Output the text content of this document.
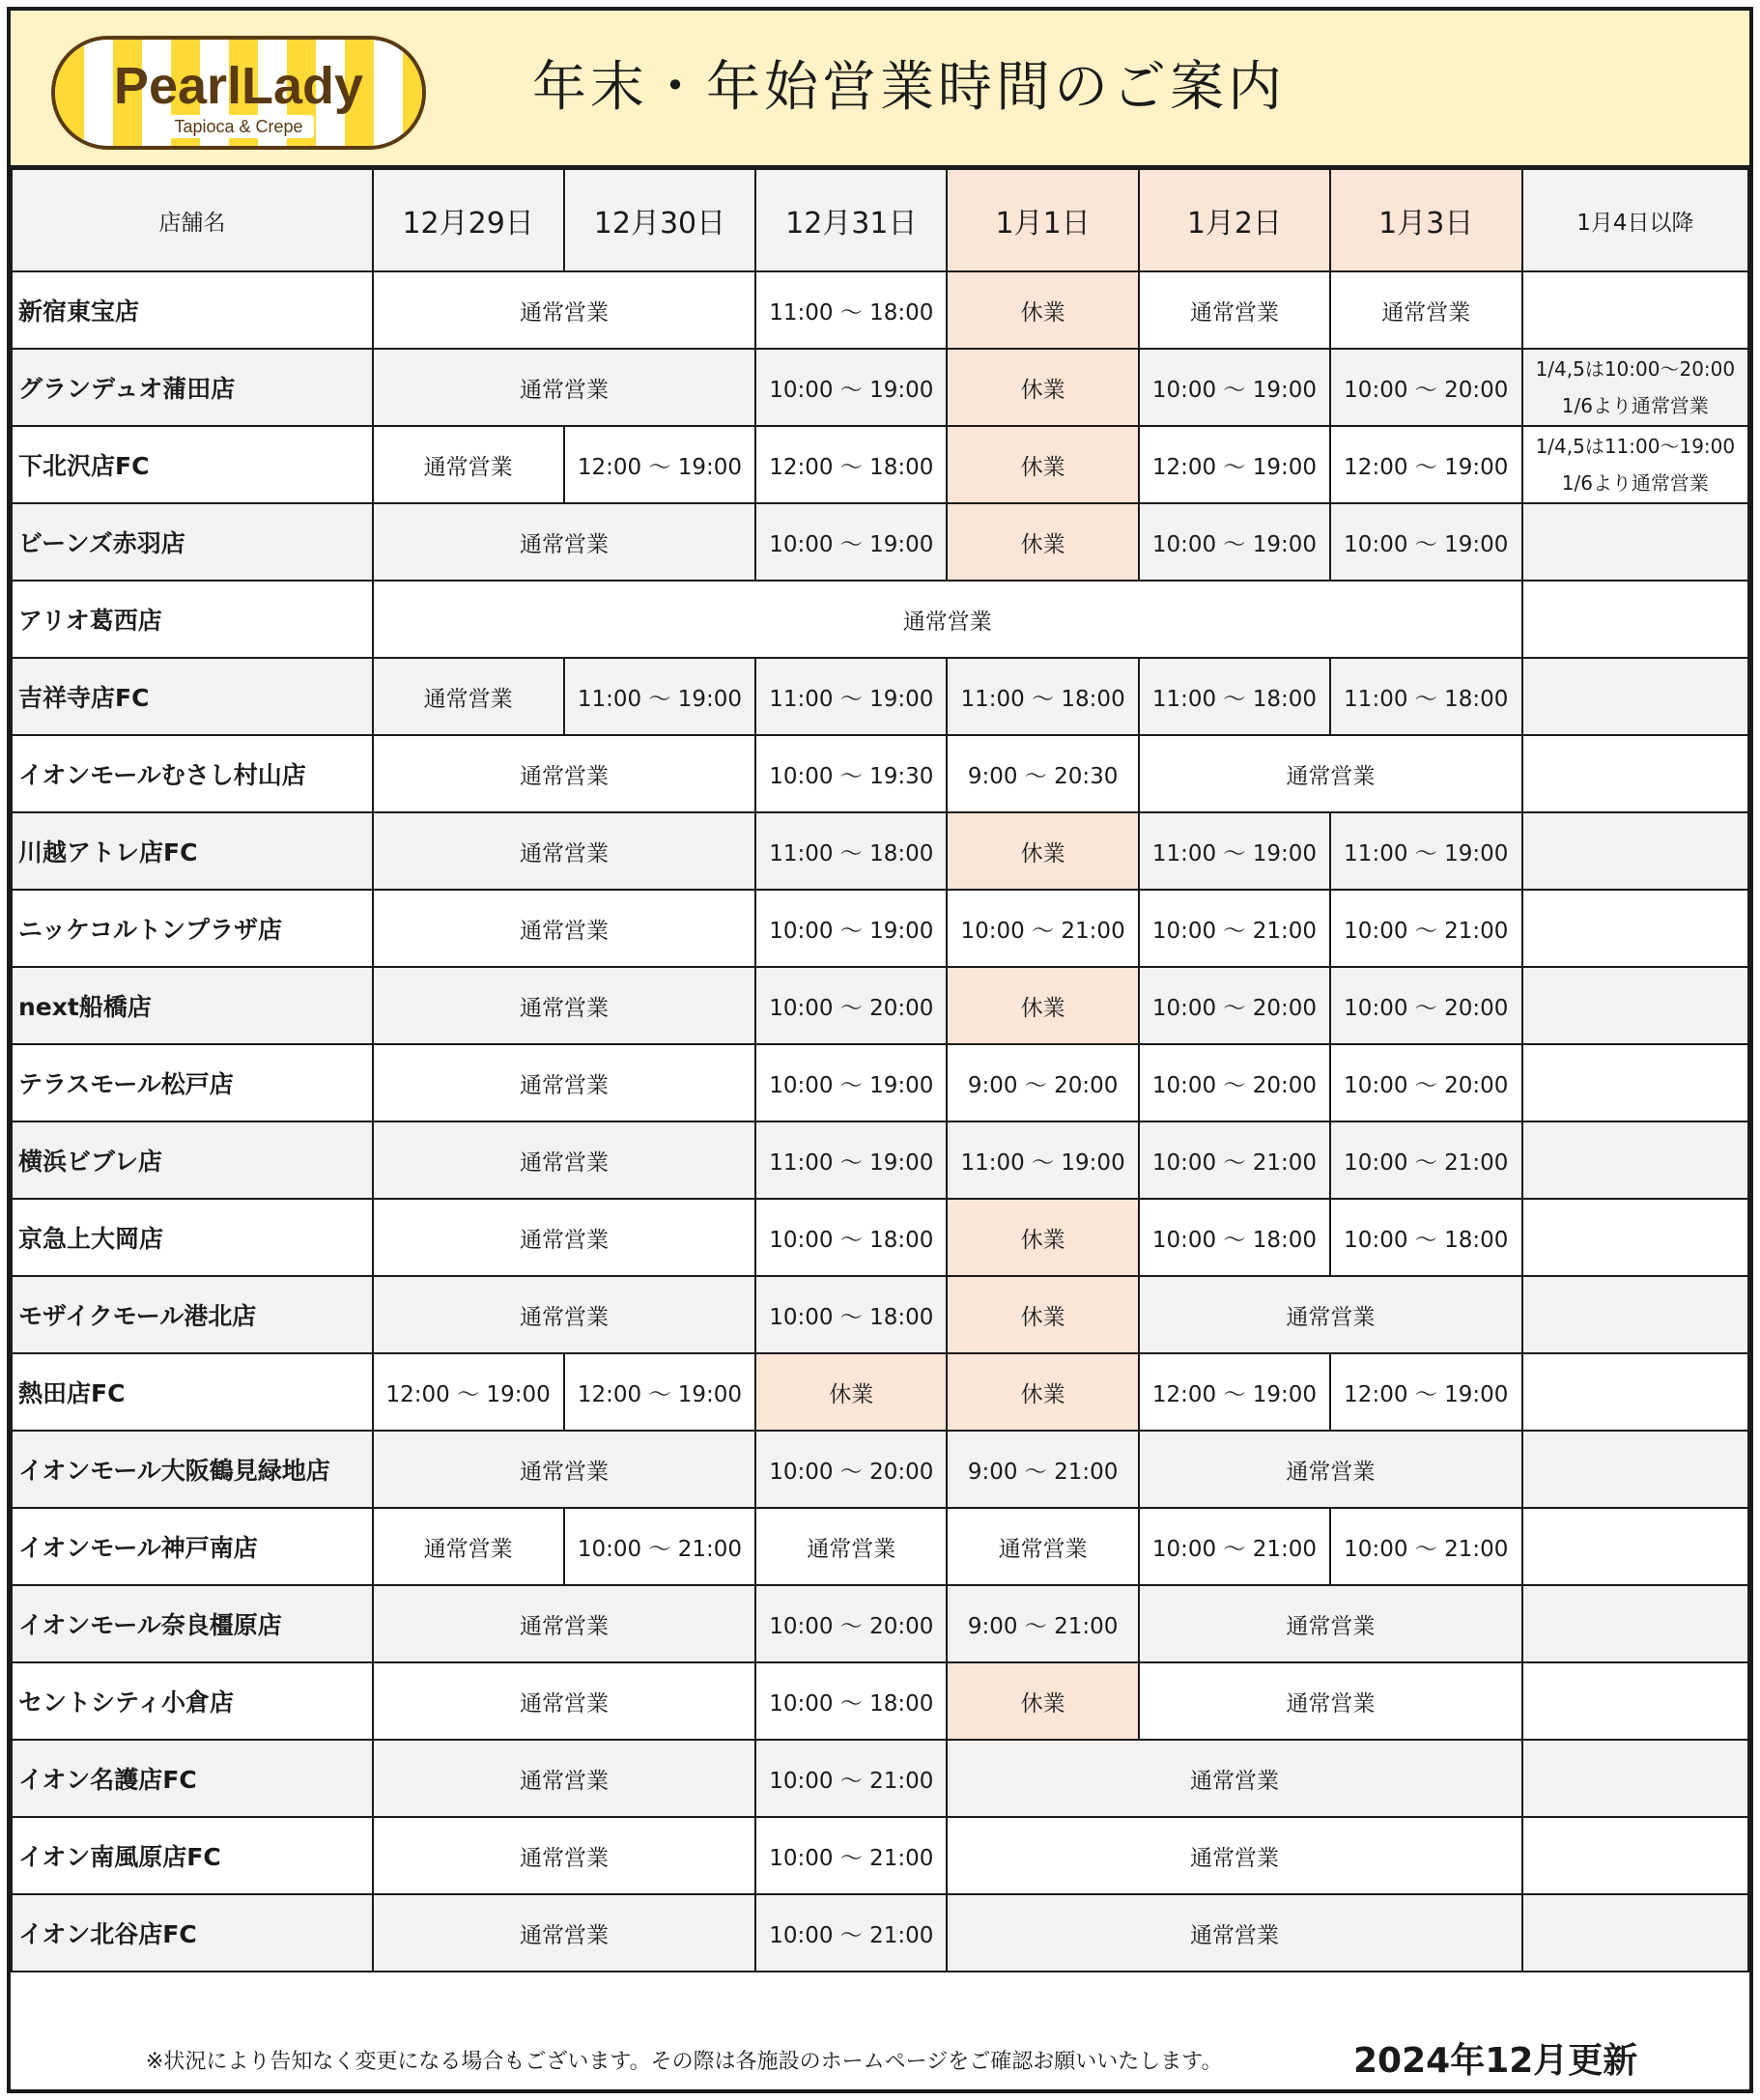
PearlLady
Tapioca & Crepe
年末・年始営業時間のご案内
店舗名	12月29日	12月30日	12月31日	1月1日	1月2日	1月3日	1月4日以降
新宿東宝店	通常営業		11:00 〜 18:00	休業	通常営業	通常営業	
グランデュオ蒲田店	通常営業		10:00 〜 19:00	休業	10:00 〜 19:00	10:00 〜 20:00	1/4,5は10:00〜20:00
1/6より通常営業

下北沢店FC	通常営業	12:00 〜 19:00	12:00 〜 18:00	休業	12:00 〜 19:00	12:00 〜 19:00	1/4,5は11:00〜19:00
1/6より通常営業

ビーンズ赤羽店	通常営業		10:00 〜 19:00	休業	10:00 〜 19:00	10:00 〜 19:00	
アリオ葛西店	通常営業						
吉祥寺店FC	通常営業	11:00 〜 19:00	11:00 〜 19:00	11:00 〜 18:00	11:00 〜 18:00	11:00 〜 18:00	
イオンモールむさし村山店	通常営業		10:00 〜 19:30	9:00 〜 20:30	通常営業		
川越アトレ店FC	通常営業		11:00 〜 18:00	休業	11:00 〜 19:00	11:00 〜 19:00	
ニッケコルトンプラザ店	通常営業		10:00 〜 19:00	10:00 〜 21:00	10:00 〜 21:00	10:00 〜 21:00	
next船橋店	通常営業		10:00 〜 20:00	休業	10:00 〜 20:00	10:00 〜 20:00	
テラスモール松戸店	通常営業		10:00 〜 19:00	9:00 〜 20:00	10:00 〜 20:00	10:00 〜 20:00	
横浜ビブレ店	通常営業		11:00 〜 19:00	11:00 〜 19:00	10:00 〜 21:00	10:00 〜 21:00	
京急上大岡店	通常営業		10:00 〜 18:00	休業	10:00 〜 18:00	10:00 〜 18:00	
モザイクモール港北店	通常営業		10:00 〜 18:00	休業	通常営業		
熱田店FC	12:00 〜 19:00	12:00 〜 19:00	休業	休業	12:00 〜 19:00	12:00 〜 19:00	
イオンモール大阪鶴見緑地店	通常営業		10:00 〜 20:00	9:00 〜 21:00	通常営業		
イオンモール神戸南店	通常営業	10:00 〜 21:00	通常営業	通常営業	10:00 〜 21:00	10:00 〜 21:00	
イオンモール奈良橿原店	通常営業		10:00 〜 20:00	9:00 〜 21:00	通常営業		
セントシティ小倉店	通常営業		10:00 〜 18:00	休業	通常営業		
イオン名護店FC	通常営業		10:00 〜 21:00	通常営業			
イオン南風原店FC	通常営業		10:00 〜 21:00	通常営業			
イオン北谷店FC	通常営業		10:00 〜 21:00	通常営業			
※状況により告知なく変更になる場合もございます。その際は各施設のホームページをご確認お願いいたします。	2024年12月更新
